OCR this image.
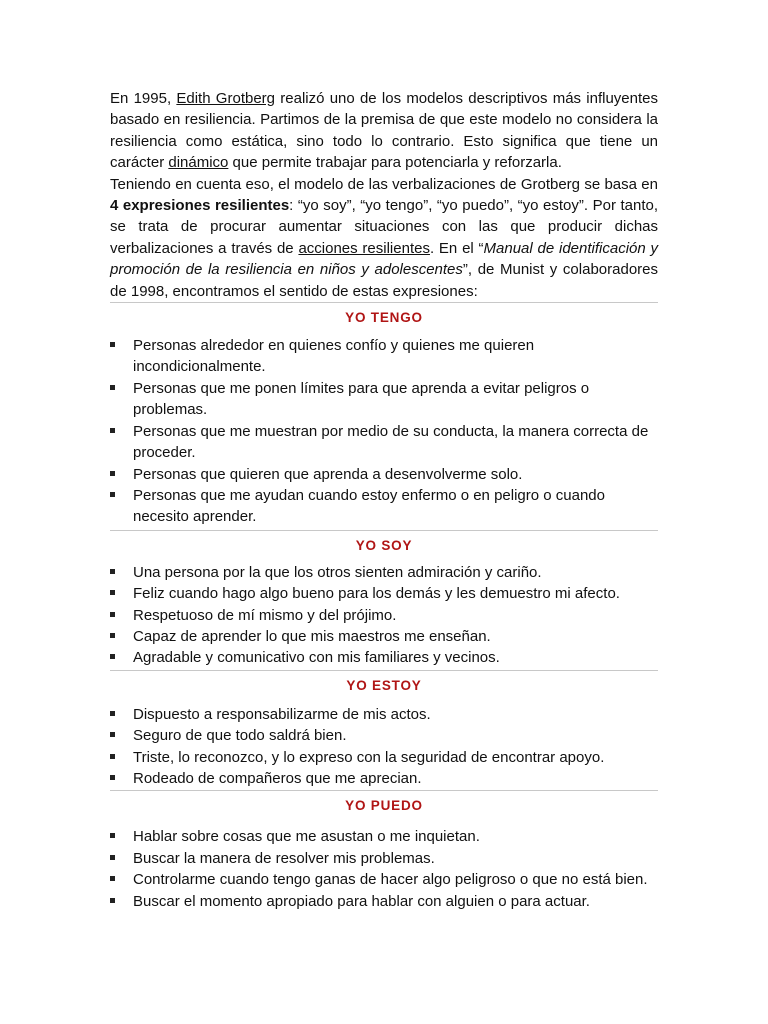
En 1995, Edith Grotberg realizó uno de los modelos descriptivos más influyentes basado en resiliencia. Partimos de la premisa de que este modelo no considera la resiliencia como estática, sino todo lo contrario. Esto significa que tiene un carácter dinámico que permite trabajar para potenciarla y reforzarla.

Teniendo en cuenta eso, el modelo de las verbalizaciones de Grotberg se basa en 4 expresiones resilientes: “yo soy”, “yo tengo”, “yo puedo”, “yo estoy”. Por tanto, se trata de procurar aumentar situaciones con las que producir dichas verbalizaciones a través de acciones resilientes. En el “Manual de identificación y promoción de la resiliencia en niños y adolescentes”, de Munist y colaboradores de 1998, encontramos el sentido de estas expresiones:

YO TENGO
Personas alrededor en quienes confío y quienes me quieren incondicionalmente.
Personas que me ponen límites para que aprenda a evitar peligros o problemas.
Personas que me muestran por medio de su conducta, la manera correcta de proceder.
Personas que quieren que aprenda a desenvolverme solo.
Personas que me ayudan cuando estoy enfermo o en peligro o cuando necesito aprender.
YO SOY
Una persona por la que los otros sienten admiración y cariño.
Feliz cuando hago algo bueno para los demás y les demuestro mi afecto.
Respetuoso de mí mismo y del prójimo.
Capaz de aprender lo que mis maestros me enseñan.
Agradable y comunicativo con mis familiares y vecinos.
YO ESTOY
Dispuesto a responsabilizarme de mis actos.
Seguro de que todo saldrá bien.
Triste, lo reconozco, y lo expreso con la seguridad de encontrar apoyo.
Rodeado de compañeros que me aprecian.
YO PUEDO
Hablar sobre cosas que me asustan o me inquietan.
Buscar la manera de resolver mis problemas.
Controlarme cuando tengo ganas de hacer algo peligroso o que no está bien.
Buscar el momento apropiado para hablar con alguien o para actuar.
